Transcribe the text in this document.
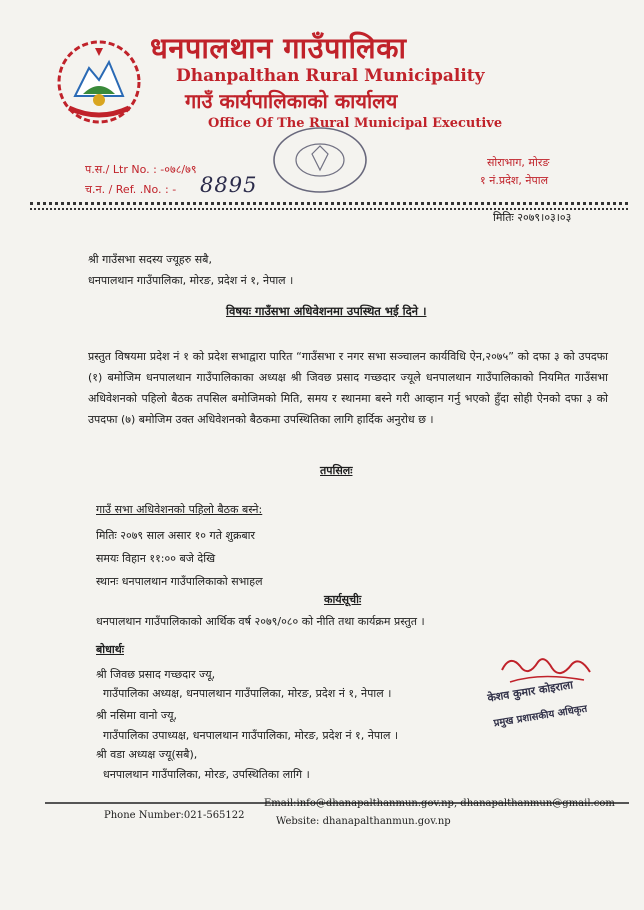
धनपालथान गाउँपालिका
Dhanpalthan Rural Municipality
गाउँ कार्यपालिकाको कार्यालय
Office Of The Rural Municipal Executive
प.स./ Ltr No. : -०७८/७९
च.न. / Ref. .No. : - 8895
सोराभाग, मोरङ
१ नं.प्रदेश, नेपाल
मितिः २०७९।०३।०३
श्री गाउँसभा सदस्य ज्यूहरु सबै,
धनपालथान गाउँपालिका, मोरङ, प्रदेश नं १, नेपाल ।
विषयः गाउँसभा अधिवेशनमा उपस्थित भई दिने ।
प्रस्तुत विषयमा प्रदेश नं १ को प्रदेश सभाद्वारा पारित “गाउँसभा र नगर सभा सञ्चालन कार्यविधि ऐन,२०७५” को दफा ३ को उपदफा (१) बमोजिम धनपालथान गाउँपालिकाका अध्यक्ष श्री जिवछ प्रसाद गच्छदार ज्यूले धनपालथान गाउँपालिकाको नियमित गाउँसभा अधिवेशनको पहिलो बैठक तपसिल बमोजिमको मिति, समय र स्थानमा बस्ने गरी आव्हान गर्नु भएको हुँदा सोही ऐनको दफा ३ को उपदफा (७) बमोजिम उक्त अधिवेशनको बैठकमा उपस्थितिका लागि हार्दिक अनुरोध छ ।
तपसिलः
गाउँ सभा अधिवेशनको पहिलो बैठक बस्ने:
मितिः २०७९ साल असार १० गते शुक्रबार
समयः विहान ११:०० बजे देखि
स्थानः धनपालथान गाउँपालिकाको सभाहल
कार्यसूचीः
धनपालथान गाउँपालिकाको आर्थिक वर्ष २०७९/०८० को नीति तथा कार्यक्रम प्रस्तुत ।
बोधार्थः
श्री जिवछ प्रसाद गच्छदार ज्यू,
गाउँपालिका अध्यक्ष, धनपालथान गाउँपालिका, मोरङ, प्रदेश नं १, नेपाल ।
श्री नसिमा वानो ज्यू,
गाउँपालिका उपाध्यक्ष, धनपालथान गाउँपालिका, मोरङ, प्रदेश नं १, नेपाल ।
श्री वडा अध्यक्ष ज्यू(सबै),
धनपालथान गाउँपालिका, मोरङ, उपस्थितिका लागि ।
केशव कुमार कोइराला
प्रमुख प्रशासकीय अधिकृत
Phone Number:021-565122
Email:info@dhanapalthanmun.gov.np, dhanapalthanmun@gmail.com
Website: dhanapalthanmun.gov.np
